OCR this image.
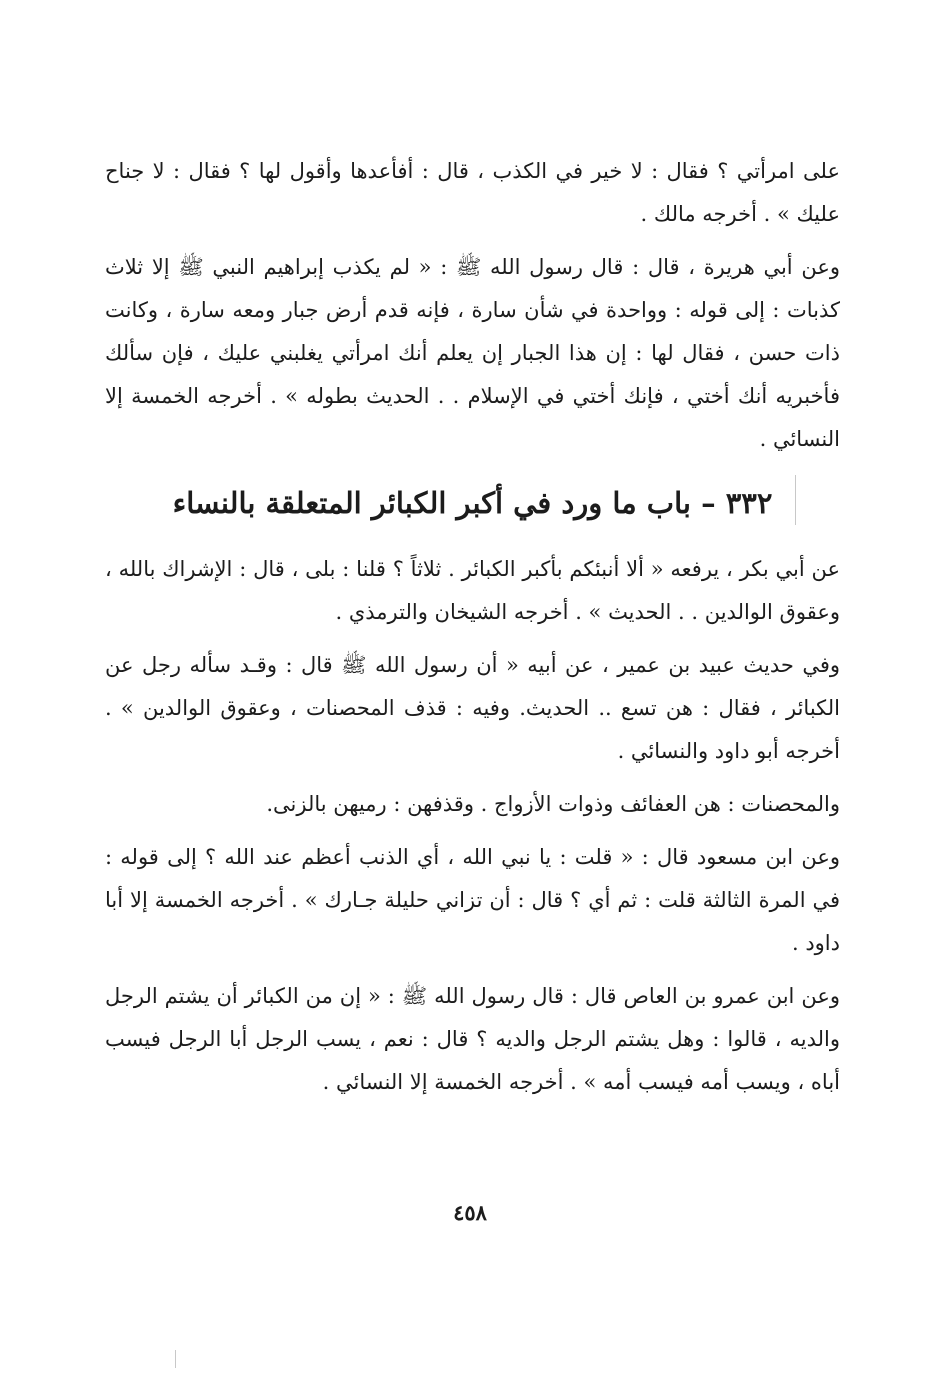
على امرأتي ؟ فقال : لا خير في الكذب ، قال : أفأعدها وأقول لها ؟ فقال : لا جناح عليك » . أخرجه مالك .

وعن أبي هريرة ، قال : قال رسول الله ﷺ : « لم يكذب إبراهيم النبي ﷺ إلا ثلاث كذبات : إلى قوله : وواحدة في شأن سارة ، فإنه قدم أرض جبار ومعه سارة ، وكانت ذات حسن ، فقال لها : إن هذا الجبار إن يعلم أنك امرأتي يغلبني عليك ، فإن سألك فأخبريه أنك أختي ، فإنك أختي في الإسلام . . الحديث بطوله » . أخرجه الخمسة إلا النسائي .

٣٣٢ – باب ما ورد في أكبر الكبائر المتعلقة بالنساء

عن أبي بكر ، يرفعه « ألا أنبئكم بأكبر الكبائر . ثلاثاً ؟ قلنا : بلى ، قال : الإشراك بالله ، وعقوق الوالدين . . الحديث » . أخرجه الشيخان والترمذي .

وفي حديث عبيد بن عمير ، عن أبيه « أن رسول الله ﷺ قال : وقـد سأله رجل عن الكبائر ، فقال : هن تسع .. الحديث. وفيه : قذف المحصنات ، وعقوق الوالدين » . أخرجه أبو داود والنسائي .

والمحصنات : هن العفائف وذوات الأزواج . وقذفهن : رميهن بالزنى.

وعن ابن مسعود قال : « قلت : يا نبي الله ، أي الذنب أعظم عند الله ؟ إلى قوله : في المرة الثالثة قلت : ثم أي ؟ قال : أن تزاني حليلة جـارك » . أخرجه الخمسة إلا أبا داود .

وعن ابن عمرو بن العاص قال : قال رسول الله ﷺ : « إن من الكبائر أن يشتم الرجل والديه ، قالوا : وهل يشتم الرجل والديه ؟ قال : نعم ، يسب الرجل أبا الرجل فيسب أباه ، ويسب أمه فيسب أمه » . أخرجه الخمسة إلا النسائي .

٤٥٨
